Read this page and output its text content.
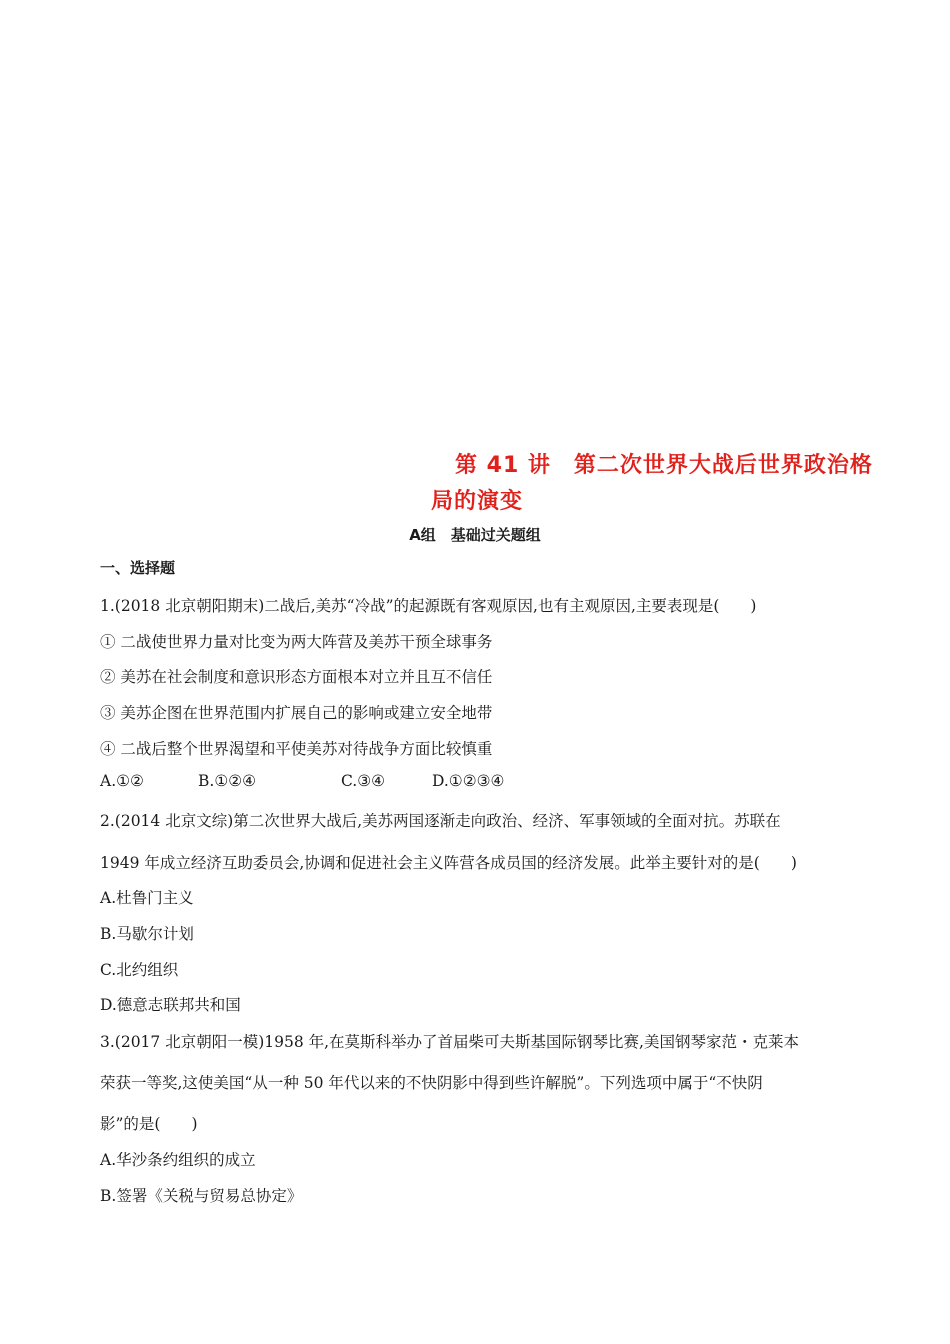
第 41 讲　第二次世界大战后世界政治格
局的演变
A组　基础过关题组
一、选择题
1.(2018 北京朝阳期末)二战后,美苏“冷战”的起源既有客观原因,也有主观原因,主要表现是(　　)
① 二战使世界力量对比变为两大阵营及美苏干预全球事务
② 美苏在社会制度和意识形态方面根本对立并且互不信任
③ 美苏企图在世界范围内扩展自己的影响或建立安全地带
④ 二战后整个世界渴望和平使美苏对待战争方面比较慎重
A.①②	B.①②④	C.③④	D.①②③④
2.(2014 北京文综)第二次世界大战后,美苏两国逐渐走向政治、经济、军事领域的全面对抗。苏联在
1949 年成立经济互助委员会,协调和促进社会主义阵营各成员国的经济发展。此举主要针对的是(　　)
A.杜鲁门主义
B.马歇尔计划
C.北约组织
D.德意志联邦共和国
3.(2017 北京朝阳一模)1958 年,在莫斯科举办了首届柴可夫斯基国际钢琴比赛,美国钢琴家范・克莱本
荣获一等奖,这使美国“从一种 50 年代以来的不快阴影中得到些许解脱”。下列选项中属于“不快阴
影”的是(　　)
A.华沙条约组织的成立
B.签署《关税与贸易总协定》
